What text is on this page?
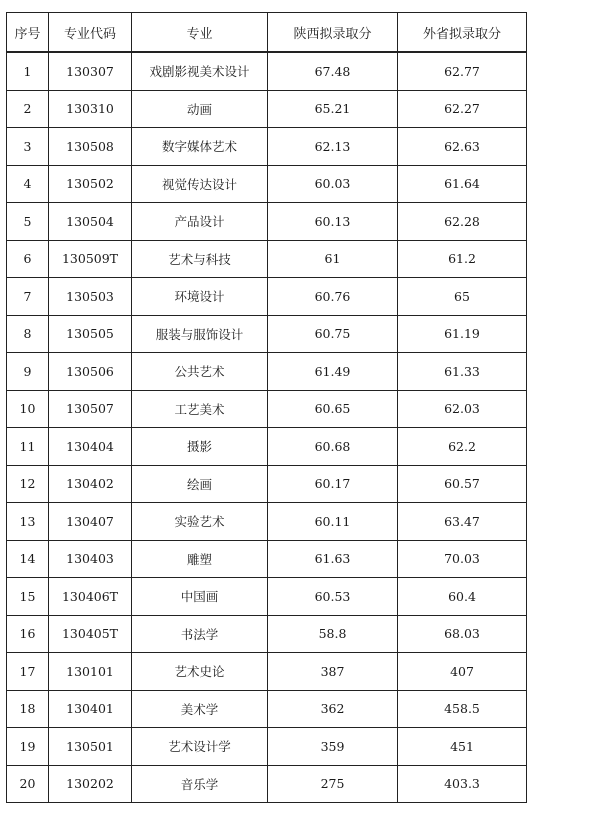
序号	专业代码	专业	陕西拟录取分	外省拟录取分
1	130307	戏剧影视美术设计	67.48	62.77
2	130310	动画	65.21	62.27
3	130508	数字媒体艺术	62.13	62.63
4	130502	视觉传达设计	60.03	61.64
5	130504	产品设计	60.13	62.28
6	130509T	艺术与科技	61	61.2
7	130503	环境设计	60.76	65
8	130505	服装与服饰设计	60.75	61.19
9	130506	公共艺术	61.49	61.33
10	130507	工艺美术	60.65	62.03
11	130404	摄影	60.68	62.2
12	130402	绘画	60.17	60.57
13	130407	实验艺术	60.11	63.47
14	130403	雕塑	61.63	70.03
15	130406T	中国画	60.53	60.4
16	130405T	书法学	58.8	68.03
17	130101	艺术史论	387	407
18	130401	美术学	362	458.5
19	130501	艺术设计学	359	451
20	130202	音乐学	275	403.3
